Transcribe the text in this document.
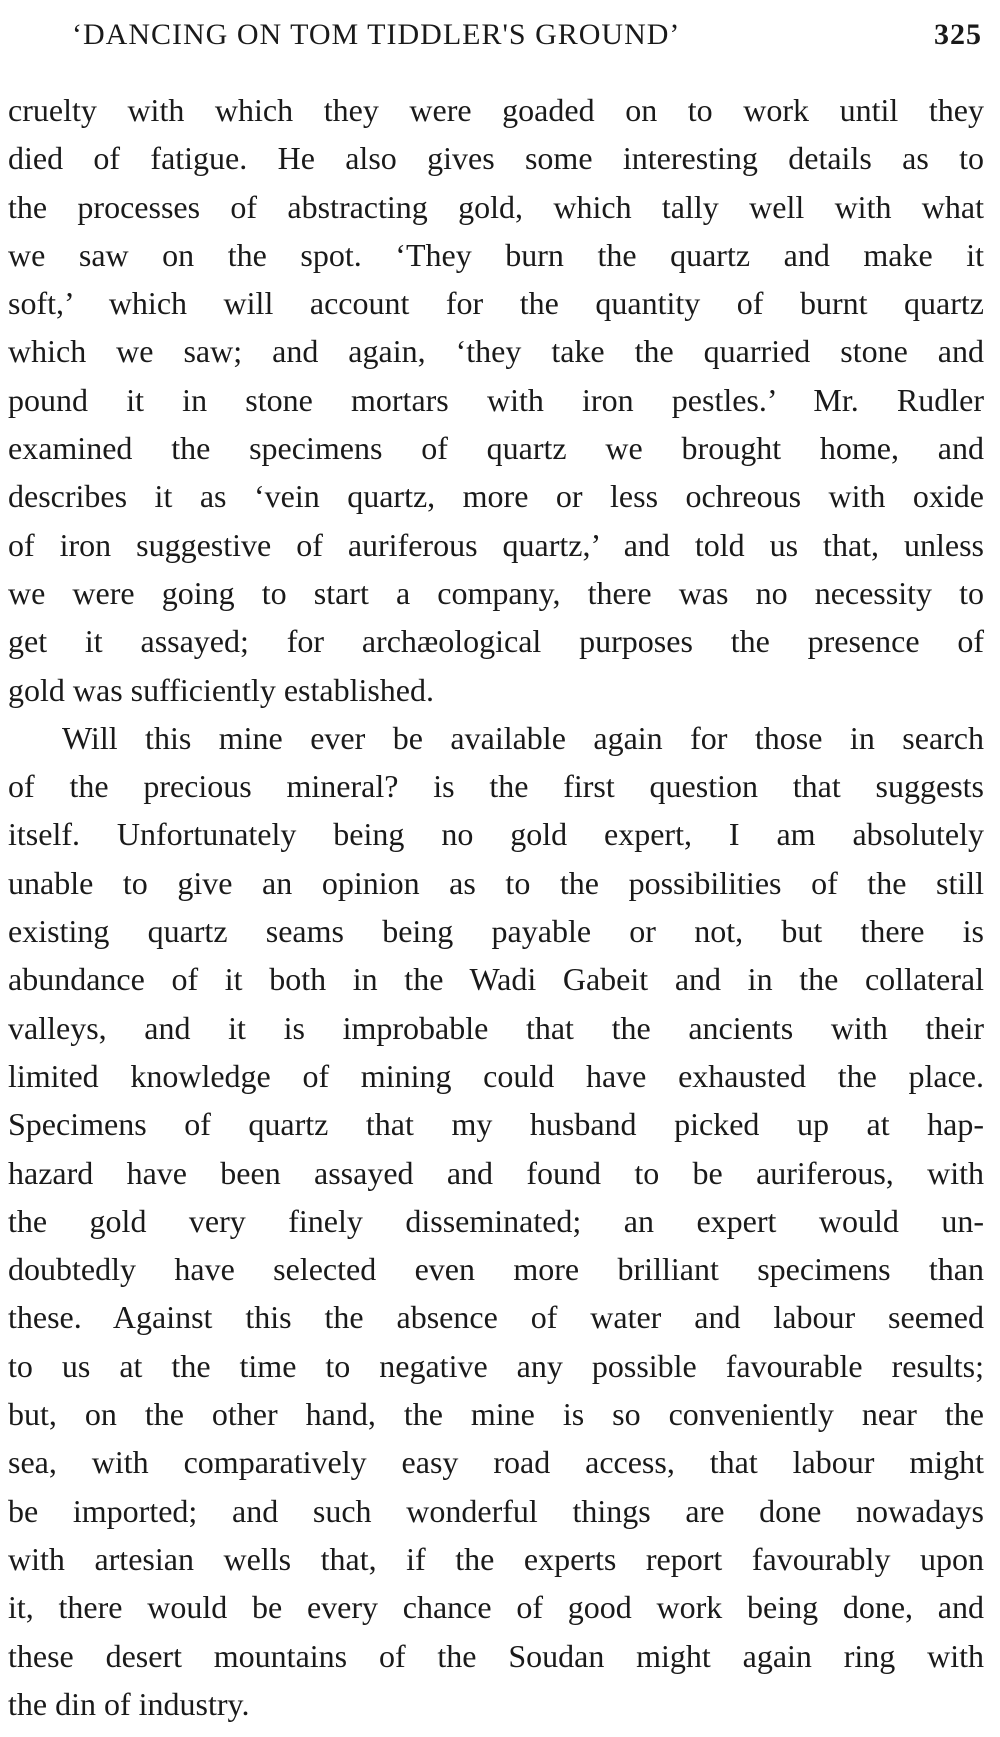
‘DANCING ON TOM TIDDLER'S GROUND’	325

cruelty with which they were goaded on to work until they
died of fatigue. He also gives some interesting details as to
the processes of abstracting gold, which tally well with what
we saw on the spot. ‘They burn the quartz and make it
soft,’ which will account for the quantity of burnt quartz
which we saw; and again, ‘they take the quarried stone and
pound it in stone mortars with iron pestles.’ Mr. Rudler
examined the specimens of quartz we brought home, and
describes it as ‘vein quartz, more or less ochreous with oxide
of iron suggestive of auriferous quartz,’ and told us that, unless
we were going to start a company, there was no necessity to
get it assayed; for archæological purposes the presence of
gold was sufficiently established.

Will this mine ever be available again for those in search
of the precious mineral? is the first question that suggests
itself. Unfortunately being no gold expert, I am absolutely
unable to give an opinion as to the possibilities of the still
existing quartz seams being payable or not, but there is
abundance of it both in the Wadi Gabeit and in the collateral
valleys, and it is improbable that the ancients with their
limited knowledge of mining could have exhausted the place.
Specimens of quartz that my husband picked up at hap-
hazard have been assayed and found to be auriferous, with
the gold very finely disseminated; an expert would un-
doubtedly have selected even more brilliant specimens than
these. Against this the absence of water and labour seemed
to us at the time to negative any possible favourable results;
but, on the other hand, the mine is so conveniently near the
sea, with comparatively easy road access, that labour might
be imported; and such wonderful things are done nowadays
with artesian wells that, if the experts report favourably upon
it, there would be every chance of good work being done, and
these desert mountains of the Soudan might again ring with
the din of industry.
